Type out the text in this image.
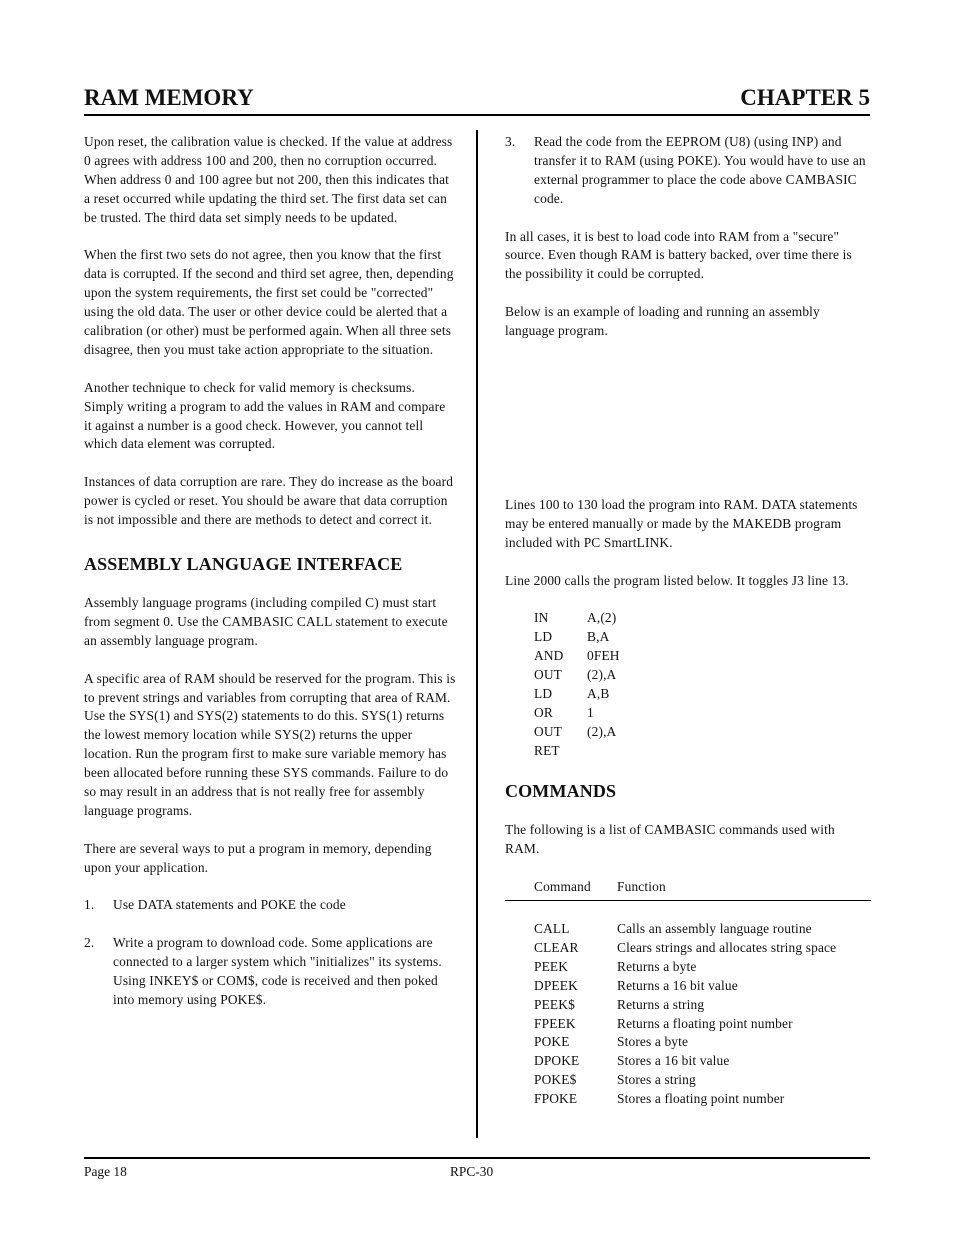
RAM MEMORY	CHAPTER 5

Upon reset, the calibration value is checked. If the value at address 0 agrees with address 100 and 200, then no corruption occurred. When address 0 and 100 agree but not 200, then this indicates that a reset occurred while updating the third set. The first data set can be trusted. The third data set simply needs to be updated.

When the first two sets do not agree, then you know that the first data is corrupted. If the second and third set agree, then, depending upon the system requirements, the first set could be "corrected" using the old data. The user or other device could be alerted that a calibration (or other) must be performed again. When all three sets disagree, then you must take action appropriate to the situation.

Another technique to check for valid memory is checksums. Simply writing a program to add the values in RAM and compare it against a number is a good check. However, you cannot tell which data element was corrupted.

Instances of data corruption are rare. They do increase as the board power is cycled or reset. You should be aware that data corruption is not impossible and there are methods to detect and correct it.

ASSEMBLY LANGUAGE INTERFACE

Assembly language programs (including compiled C) must start from segment 0. Use the CAMBASIC CALL statement to execute an assembly language program.

A specific area of RAM should be reserved for the program. This is to prevent strings and variables from corrupting that area of RAM. Use the SYS(1) and SYS(2) statements to do this. SYS(1) returns the lowest memory location while SYS(2) returns the upper location. Run the program first to make sure variable memory has been allocated before running these SYS commands. Failure to do so may result in an address that is not really free for assembly language programs.

There are several ways to put a program in memory, depending upon your application.

1. Use DATA statements and POKE the code
2. Write a program to download code. Some applications are connected to a larger system which "initializes" its systems. Using INKEY$ or COM$, code is received and then poked into memory using POKE$.
3. Read the code from the EEPROM (U8) (using INP) and transfer it to RAM (using POKE). You would have to use an external programmer to place the code above CAMBASIC code.

In all cases, it is best to load code into RAM from a "secure" source. Even though RAM is battery backed, over time there is the possibility it could be corrupted.

Below is an example of loading and running an assembly language program.

Lines 100 to 130 load the program into RAM. DATA statements may be entered manually or made by the MAKEDB program included with PC SmartLINK.

Line 2000 calls the program listed below. It toggles J3 line 13.

IN	A,(2)
LD	B,A
AND	0FEH
OUT	(2),A
LD	A,B
OR	1
OUT	(2),A
RET
COMMANDS

The following is a list of CAMBASIC commands used with RAM.

Command	Function
CALL	Calls an assembly language routine
CLEAR	Clears strings and allocates string space
PEEK	Returns a byte
DPEEK	Returns a 16 bit value
PEEK$	Returns a string
FPEEK	Returns a floating point number
POKE	Stores a byte
DPOKE	Stores a 16 bit value
POKE$	Stores a string
FPOKE	Stores a floating point number
Page 18	RPC-30
